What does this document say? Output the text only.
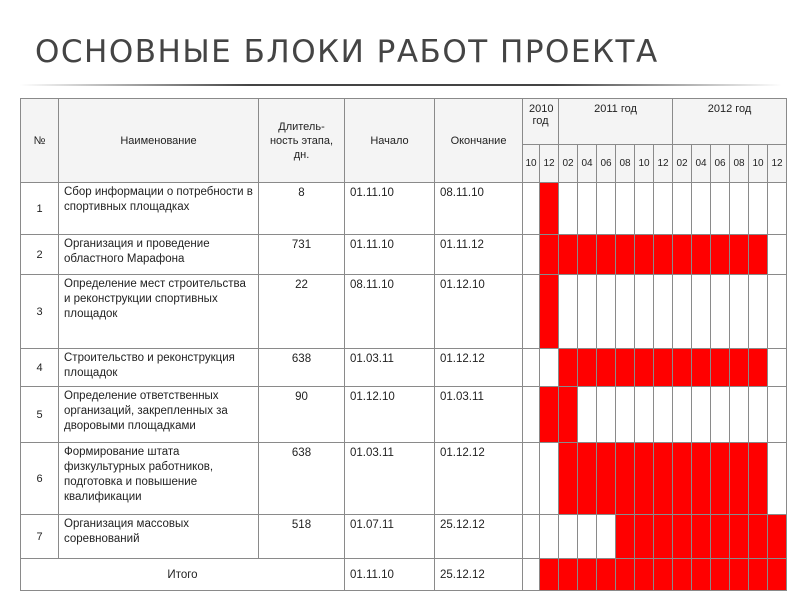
ОСНОВНЫЕ БЛОКИ РАБОТ ПРОЕКТА
№	Наименование	Длитель-ность этапа, дн.	Начало	Окончание	2010 год		2011 год						2012 год					
					10	12	02	04	06	08	10	12	02	04	06	08	10	12
1	Сбор информации о потребности в спортивных площадках	8	01.11.10	08.11.10														
2	Организация и проведение областного Марафона	731	01.11.10	01.11.12														
3	Определение мест строительства и реконструкции спортивных площадок	22	08.11.10	01.12.10														
4	Строительство и реконструкция площадок	638	01.03.11	01.12.12														
5	Определение ответственных организаций, закрепленных за дворовыми площадками	90	01.12.10	01.03.11														
6	Формирование штата физкультурных работников, подготовка и повышение квалификации	638	01.03.11	01.12.12														
7	Организация массовых соревнований	518	01.07.11	25.12.12														
Итого			01.11.10	25.12.12														
